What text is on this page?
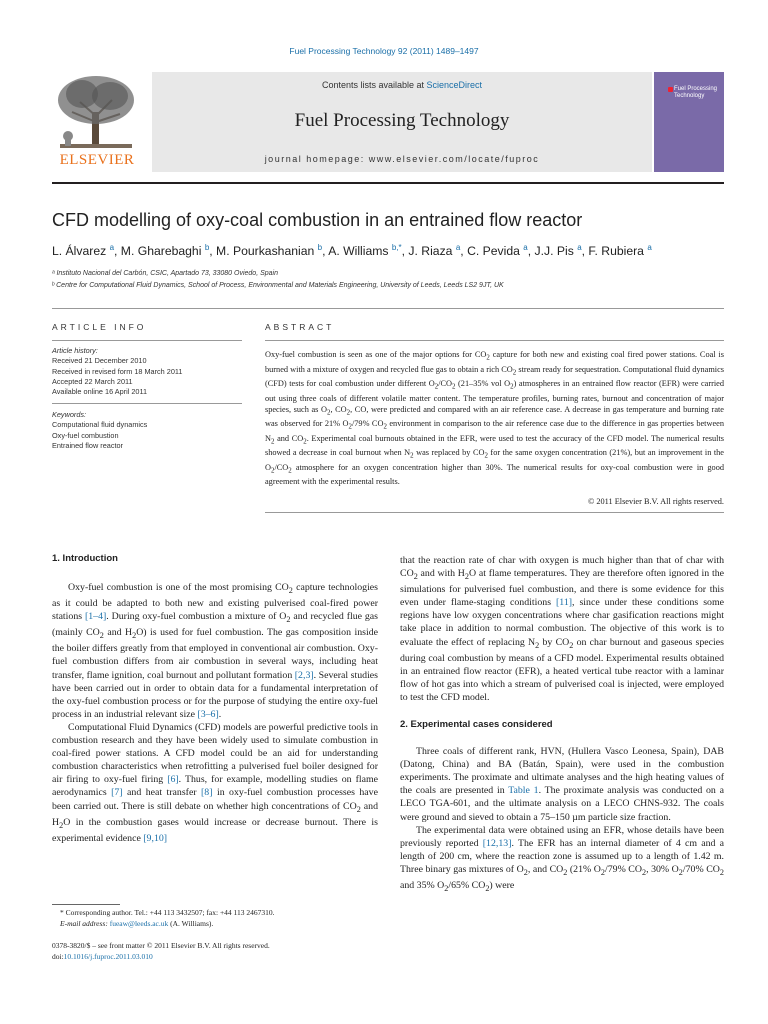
Fuel Processing Technology 92 (2011) 1489–1497
ELSEVIER
Contents lists available at ScienceDirect
Fuel Processing Technology
journal homepage: www.elsevier.com/locate/fuproc
Fuel Processing Technology
CFD modelling of oxy-coal combustion in an entrained flow reactor
L. Álvarez $^a$, M. Gharebaghi $^b$, M. Pourkashanian $^b$, A. Williams $^{b,*}$, J. Riaza $^a$, C. Pevida $^a$, J.J. Pis $^a$, F. Rubiera $^a$
ᵃ Instituto Nacional del Carbón, CSIC, Apartado 73, 33080 Oviedo, Spain
ᵇ Centre for Computational Fluid Dynamics, School of Process, Environmental and Materials Engineering, University of Leeds, Leeds LS2 9JT, UK
ARTICLE INFO
Article history:
Received 21 December 2010
Received in revised form 18 March 2011
Accepted 22 March 2011
Available online 16 April 2011
Keywords:
Computational fluid dynamics
Oxy-fuel combustion
Entrained flow reactor
ABSTRACT
Oxy-fuel combustion is seen as one of the major options for $CO_2$ capture for both new and existing coal fired power stations. Coal is burned with a mixture of oxygen and recycled flue gas to obtain a rich $CO_2$ stream ready for sequestration. Computational fluid dynamics (CFD) tests for coal combustion under different $O_2/CO_2$ (21–35% vol $O_2$) atmospheres in an entrained flow reactor (EFR) were carried out using three coals of different volatile matter content. The temperature profiles, burning rates, burnout and concentration of major species, such as $O_2$, $CO_2$, CO, were predicted and compared with an air reference case. A decrease in gas temperature and burning rate was observed for 21% $O_2/79\%$ $CO_2$ environment in comparison to the air reference case due to the difference in gas properties between $N_2$ and $CO_2$. Experimental coal burnouts obtained in the EFR, were used to test the accuracy of the CFD model. The numerical results showed a decrease in coal burnout when $N_2$ was replaced by $CO_2$ for the same oxygen concentration (21%), but an improvement in the $O_2/CO_2$ atmosphere for an oxygen concentration higher than 30%. The numerical results for oxy-coal combustion were in good agreement with the experimental results.
© 2011 Elsevier B.V. All rights reserved.
1. Introduction

Oxy-fuel combustion is one of the most promising $CO_2$ capture technologies as it could be adapted to both new and existing pulverised coal-fired power stations [1–4]. During oxy-fuel combustion a mixture of $O_2$ and recycled flue gas (mainly $CO_2$ and $H_2O$) is used for fuel combustion. The gas composition inside the boiler differs greatly from that employed in conventional air combustion. Oxy-fuel combustion differs from air combustion in several ways, including heat transfer, flame ignition, coal burnout and pollutant formation [2,3]. Several studies have been carried out in order to obtain data for a fundamental interpretation of the oxy-fuel combustion process or for the purpose of studying the entire oxy-fuel process in an industrial relevant size [3–6].

Computational Fluid Dynamics (CFD) models are powerful predictive tools in combustion research and they have been widely used to simulate combustion in coal-fired power stations. A CFD model could be an aid for understanding combustion characteristics when retrofitting a pulverised fuel boiler designed for air firing to oxy-fuel firing [6]. Thus, for example, modelling studies on flame aerodynamics [7] and heat transfer [8] in oxy-fuel combustion processes have been carried out. There is still debate on whether high concentrations of $CO_2$ and $H_2O$ in the combustion gases would increase or decrease burnout. There is experimental evidence [9,10]

that the reaction rate of char with oxygen is much higher than that of char with $CO_2$ and with $H_2O$ at flame temperatures. They are therefore often ignored in the simulations for pulverised fuel combustion, and there is some evidence for this even under flame-staging conditions [11], since under these conditions some regions have low oxygen concentrations where char gasification reactions might take place in addition to normal combustion. The objective of this work is to evaluate the effect of replacing $N_2$ by $CO_2$ on char burnout and gaseous species during coal combustion by means of a CFD model. Experimental results obtained in an entrained flow reactor (EFR), a heated vertical tube reactor with a laminar flow of hot gas into which a stream of pulverised coal is injected, were employed to test the CFD model.

2. Experimental cases considered

Three coals of different rank, HVN, (Hullera Vasco Leonesa, Spain), DAB (Datong, China) and BA (Batán, Spain), were used in the combustion experiments. The proximate and ultimate analyses and the high heating values of the coals are presented in Table 1. The proximate analysis was conducted on a LECO TGA-601, and the ultimate analysis on a LECO CHNS-932. The coals were ground and sieved to obtain a 75–150 µm particle size fraction.

The experimental data were obtained using an EFR, whose details have been previously reported [12,13]. The EFR has an internal diameter of 4 cm and a length of 200 cm, where the reaction zone is assumed up to a length of 1.42 m. Three binary gas mixtures of $O_2$, and $CO_2$ (21% $O_2/79\%$ $CO_2$, 30% $O_2/70\%$ $CO_2$ and 35% $O_2/65\%$ $CO_2$) were

* Corresponding author. Tel.: +44 113 3432507; fax: +44 113 2467310.
E-mail address: fueaw@leeds.ac.uk (A. Williams).
0378-3820/$ – see front matter © 2011 Elsevier B.V. All rights reserved.
doi:10.1016/j.fuproc.2011.03.010
